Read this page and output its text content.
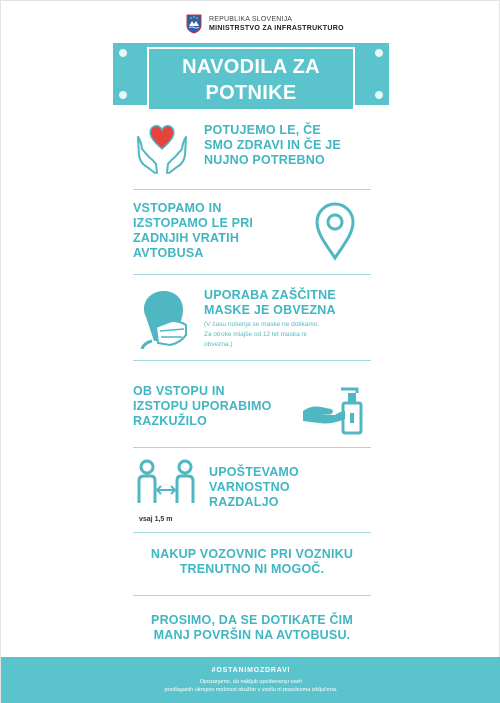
REPUBLIKA SLOVENIJA
MINISTRSTVO ZA INFRASTRUKTURO
NAVODILA ZA
POTNIKE
POTUJEMO LE, ČE
SMO ZDRAVI IN ČE JE
NUJNO POTREBNO
VSTOPAMO IN
IZSTOPAMO LE PRI
ZADNJIH VRATIH
AVTOBUSA
UPORABA ZAŠČITNE
MASKE JE OBVEZNA
(V času nošenja se maske ne dotikamo.
Za otroke mlajše od 12 let maska ni
obvezna.)
OB VSTOPU IN
IZSTOPU UPORABIMO
RAZKUŽILO
vsaj 1,5 m
UPOŠTEVAMO
VARNOSTNO
RAZDALJO
NAKUP VOZOVNIC PRI VOZNIKU
TRENUTNO NI MOGOČ.
PROSIMO, DA SE DOTIKATE ČIM
MANJ POVRŠIN NA AVTOBUSU.
#OSTANIMOZDRAVI
Opozarjamo, da nakljub upoštevanju vseh
predlaganih ukrepov možnost okužbe v vozilu ni popolnoma izključena.
